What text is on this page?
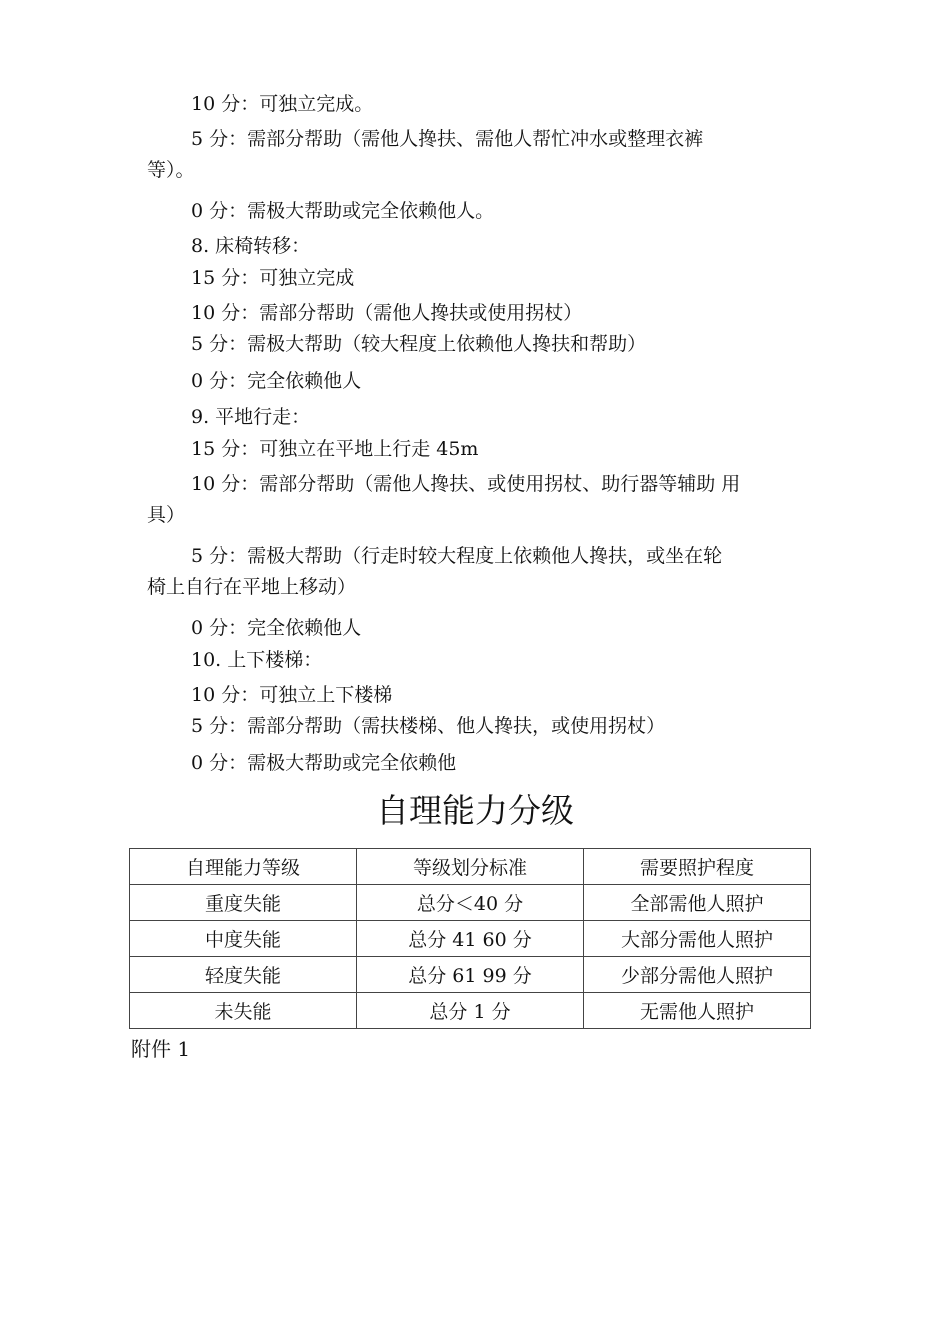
10 分：可独立完成。
5 分：需部分帮助（需他人搀扶、需他人帮忙冲水或整理衣裤
等）。
0 分：需极大帮助或完全依赖他人。
8. 床椅转移：
15 分：可独立完成
10 分：需部分帮助（需他人搀扶或使用拐杖）
5 分：需极大帮助（较大程度上依赖他人搀扶和帮助）
0 分：完全依赖他人
9. 平地行走：
15 分：可独立在平地上行走 45m
10 分：需部分帮助（需他人搀扶、或使用拐杖、助行器等辅助 用
具）
5 分：需极大帮助（行走时较大程度上依赖他人搀扶，或坐在轮
椅上自行在平地上移动）
0 分：完全依赖他人
10. 上下楼梯：
10 分：可独立上下楼梯
5 分：需部分帮助（需扶楼梯、他人搀扶，或使用拐杖）
0 分：需极大帮助或完全依赖他
自理能力分级
自理能力等级	等级划分标准	需要照护程度
重度失能	总分＜40 分	全部需他人照护
中度失能	总分 41 60 分	大部分需他人照护
轻度失能	总分 61 99 分	少部分需他人照护
未失能	总分 1 分	无需他人照护
附件 1
